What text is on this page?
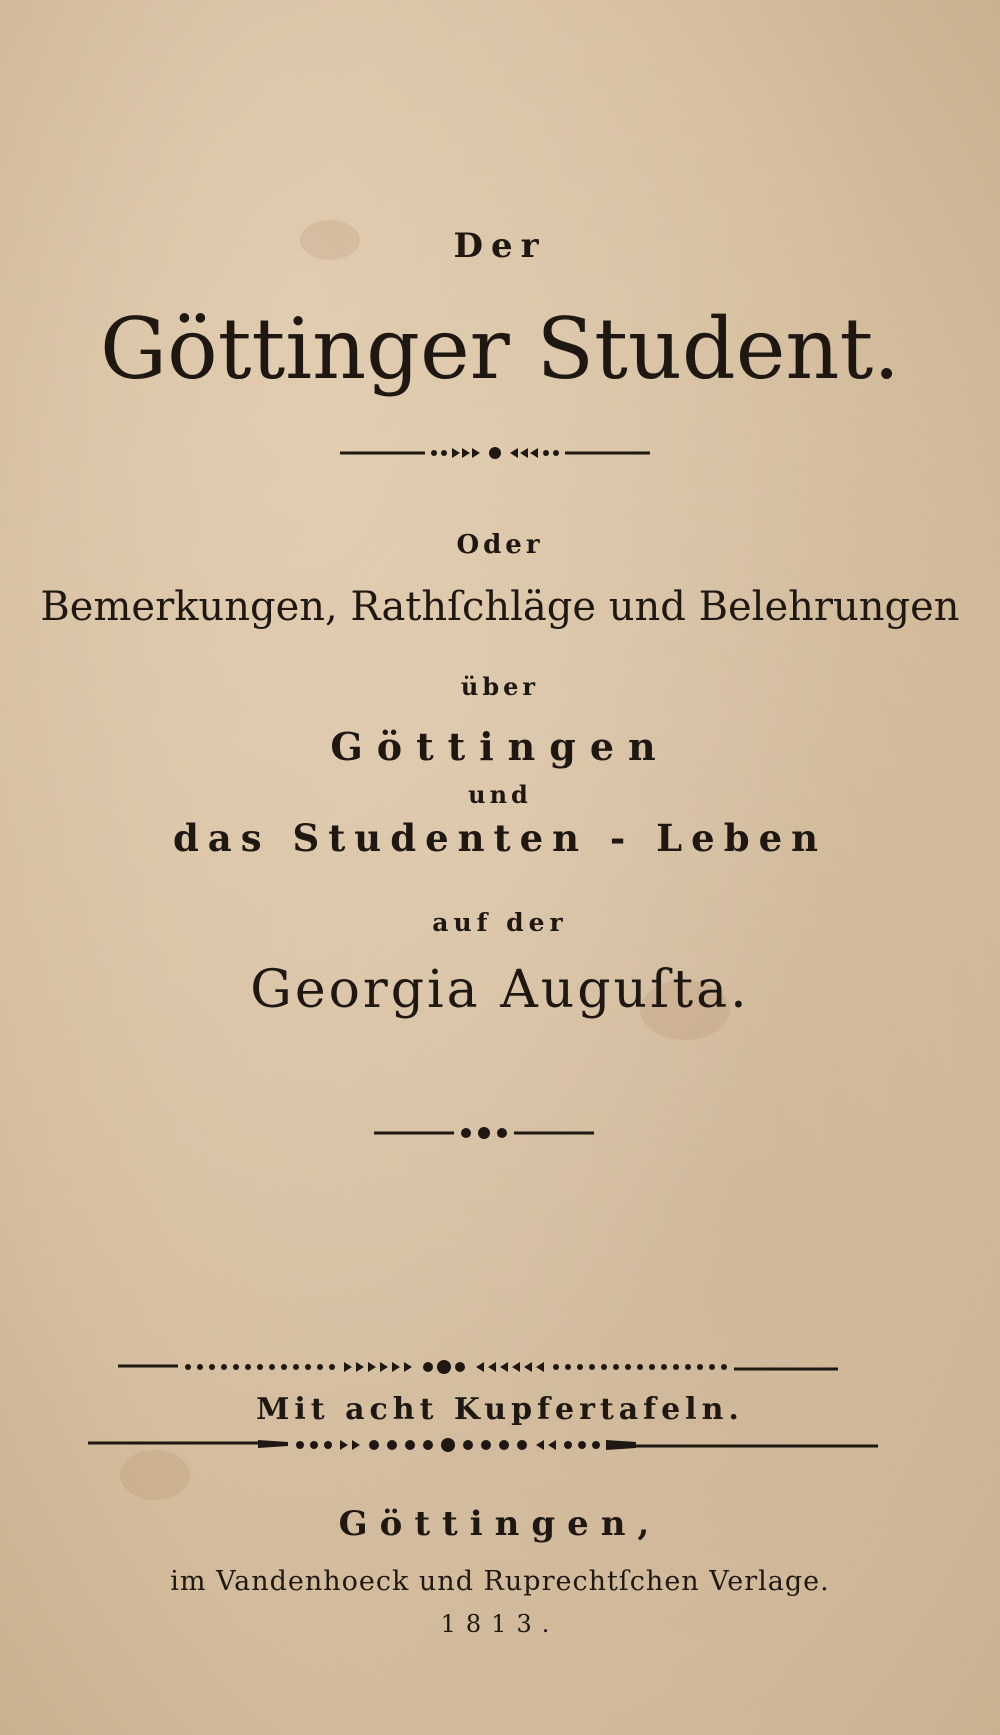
Der
Göttinger Student.
Oder
Bemerkungen, Rathſchläge und Belehrungen
über
Göttingen
und
das Studenten - Leben
auf der
Georgia Auguſta.
Mit acht Kupfertafeln.
Göttingen,
im Vandenhoeck und Ruprechtſchen Verlage.
1813.
